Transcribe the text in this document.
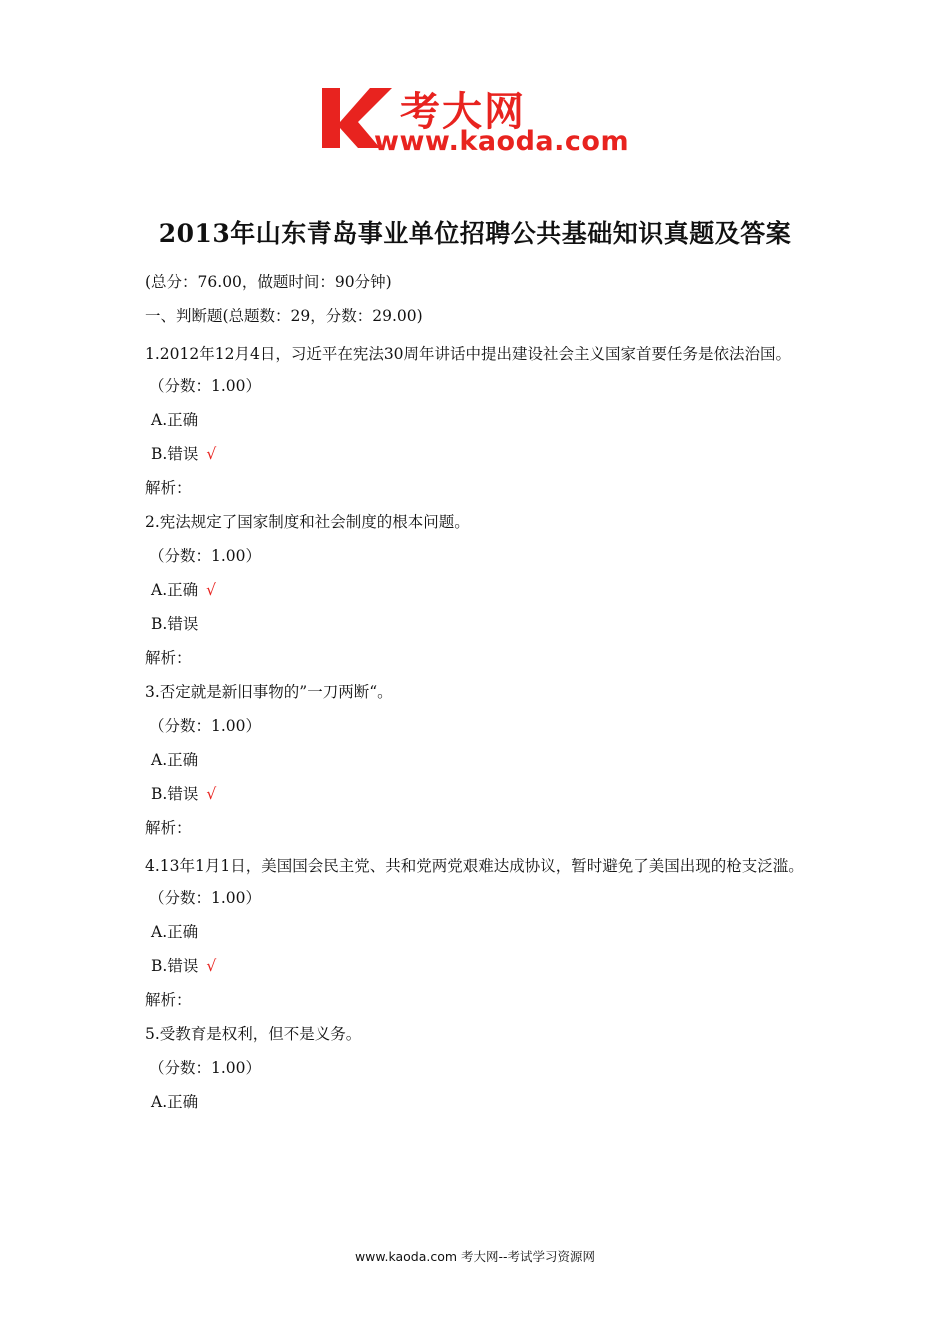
考大网
www.kaoda.com
2013年山东青岛事业单位招聘公共基础知识真题及答案
(总分：76.00，做题时间：90分钟)
一、判断题(总题数：29，分数：29.00)
1.2012年12月4日，习近平在宪法30周年讲话中提出建设社会主义国家首要任务是依法治国。
（分数：1.00）
A.正确
B.错误 √
解析：
2.宪法规定了国家制度和社会制度的根本问题。
（分数：1.00）
A.正确 √
B.错误
解析：
3.否定就是新旧事物的”一刀两断“。
（分数：1.00）
A.正确
B.错误 √
解析：
4.13年1月1日，美国国会民主党、共和党两党艰难达成协议，暂时避免了美国出现的枪支泛滥。
（分数：1.00）
A.正确
B.错误 √
解析：
5.受教育是权利，但不是义务。
（分数：1.00）
A.正确
www.kaoda.com 考大网--考试学习资源网
